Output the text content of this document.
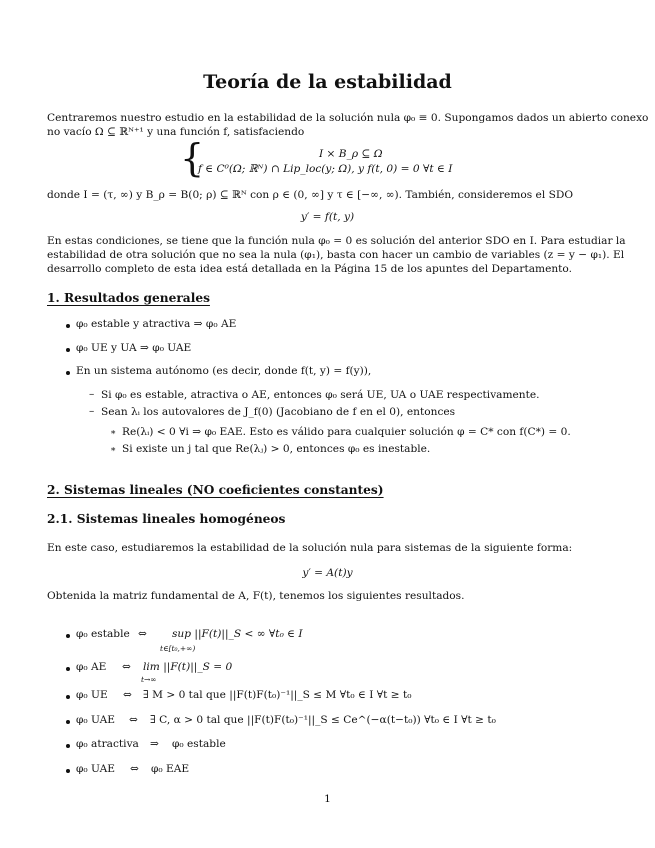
Teoría de la estabilidad
Centraremos nuestro estudio en la estabilidad de la solución nula φ₀ ≡ 0. Supongamos dados un abierto conexo
no vacío Ω ⊆ ℝᴺ⁺¹ y una función f, satisfaciendo
{	I × B_ρ ⊆ Ω
f ∈ C⁰(Ω; ℝᴺ) ∩ Lip_loc(y; Ω), y f(t, 0) = 0 ∀t ∈ I
donde I = (τ, ∞) y B_ρ = B(0; ρ) ⊆ ℝᴺ con ρ ∈ (0, ∞] y τ ∈ [−∞, ∞). También, consideremos el SDO
y′ = f(t, y)
En estas condiciones, se tiene que la función nula φ₀ = 0 es solución del anterior SDO en I. Para estudiar la
estabilidad de otra solución que no sea la nula (φ₁), basta con hacer un cambio de variables (z = y − φ₁). El
desarrollo completo de esta idea está detallada en la Página 15 de los apuntes del Departamento.
1. Resultados generales
φ₀ estable y atractiva ⇒ φ₀ AE
φ₀ UE y UA ⇒ φ₀ UAE
En un sistema autónomo (es decir, donde f(t, y) = f(y)),
– Si φ₀ es estable, atractiva o AE, entonces φ₀ será UE, UA o UAE respectivamente.
– Sean λᵢ los autovalores de J_f(0) (Jacobiano de f en el 0), entonces
∗ Re(λᵢ) < 0 ∀i ⇒ φ₀ EAE. Esto es válido para cualquier solución φ = C* con f(C*) = 0.
∗ Si existe un j tal que Re(λⱼ) > 0, entonces φ₀ es inestable.
2. Sistemas lineales (NO coeficientes constantes)
2.1. Sistemas lineales homogéneos
En este caso, estudiaremos la estabilidad de la solución nula para sistemas de la siguiente forma:
y′ = A(t)y
Obtenida la matriz fundamental de A, F(t), tenemos los siguientes resultados.
φ₀ estable ⇔ sup ||F(t)||_S < ∞ ∀t₀ ∈ I
t∈[t₀,+∞)
φ₀ AE ⇔ lim ||F(t)||_S = 0
t→∞
φ₀ UE ⇔ ∃ M > 0 tal que ||F(t)F(t₀)⁻¹||_S ≤ M ∀t₀ ∈ I ∀t ≥ t₀
φ₀ UAE ⇔ ∃ C, α > 0 tal que ||F(t)F(t₀)⁻¹||_S ≤ Ce^(−α(t−t₀)) ∀t₀ ∈ I ∀t ≥ t₀
φ₀ atractiva ⇒ φ₀ estable
φ₀ UAE ⇔ φ₀ EAE
1
